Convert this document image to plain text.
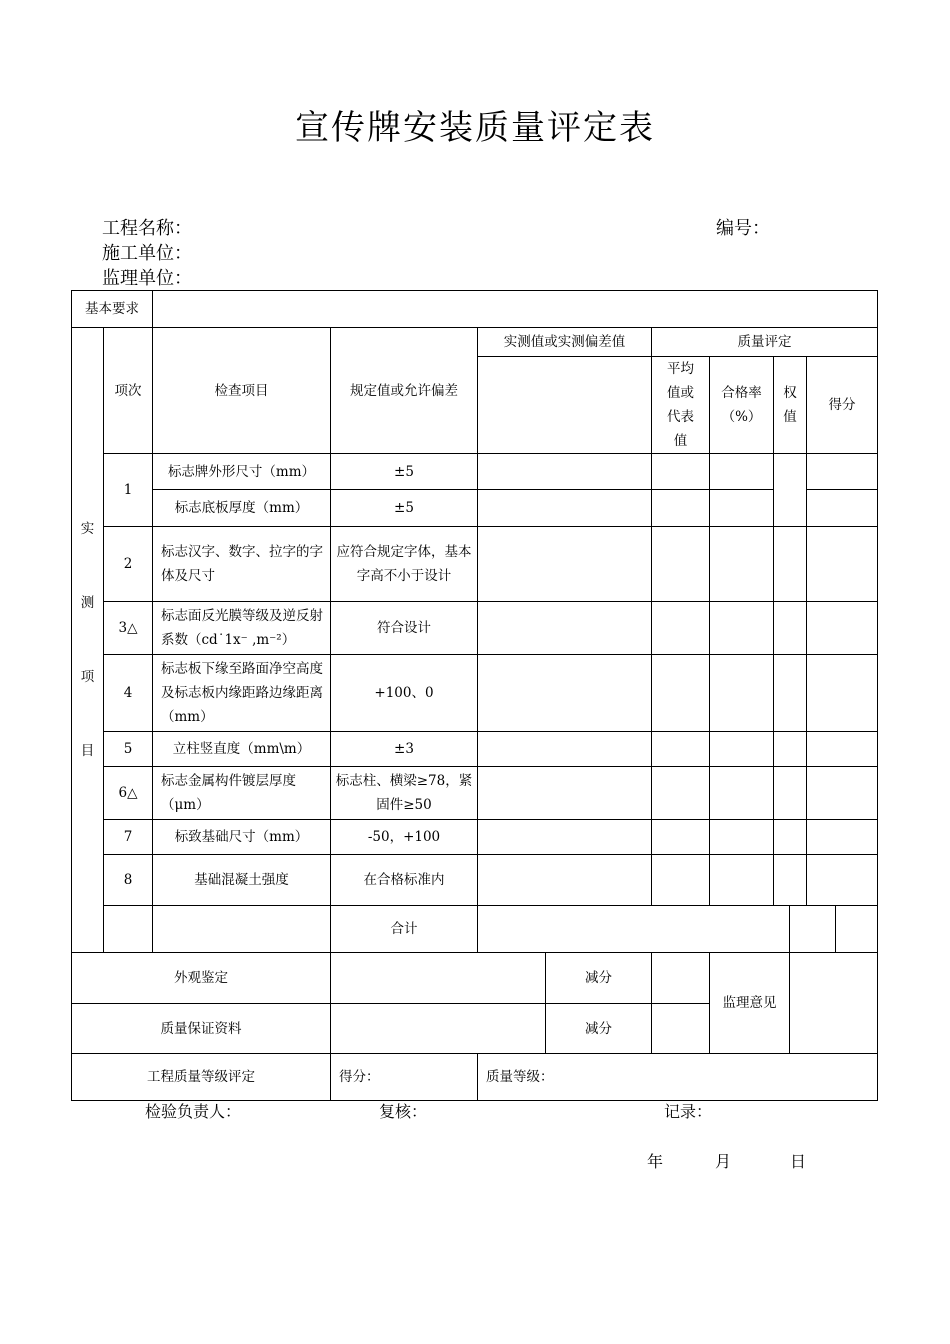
宣传牌安装质量评定表
工程名称：	编号：
施工单位：
监理单位：
基本要求											

实
测
项
目	项次	检查项目	规定值或允许偏差	实测值或实测偏差值		质量评定					
						平均值或代表值	合格率（%）	权值		得分	
	1	标志牌外形尺寸（mm）	±5								
		标志底板厚度（mm）	±5								
	2	标志汉字、数字、拉字的字体及尺寸	应符合规定字体，基本字高不小于设计								
	3△	标志面反光膜等级及逆反射系数（cd˙1x⁻ ,m⁻²）	符合设计								
	4	标志板下缘至路面净空高度及标志板内缘距路边缘距离（mm）	+100、0								
	5	立柱竖直度（mm\m）	±3								
	6△	标志金属构件镀层厚度（μm）	标志柱、横梁≥78，紧固件≥50								
	7	标致基础尺寸（mm）	-50，+100								
	8	基础混凝土强度	在合格标准内								
			合计								
外观鉴定					减分		监理意见				

质量保证资料					减分						
工程质量等级评定			得分：	质量等级：							
检验负责人：	复核：	记录：
年	月	日
